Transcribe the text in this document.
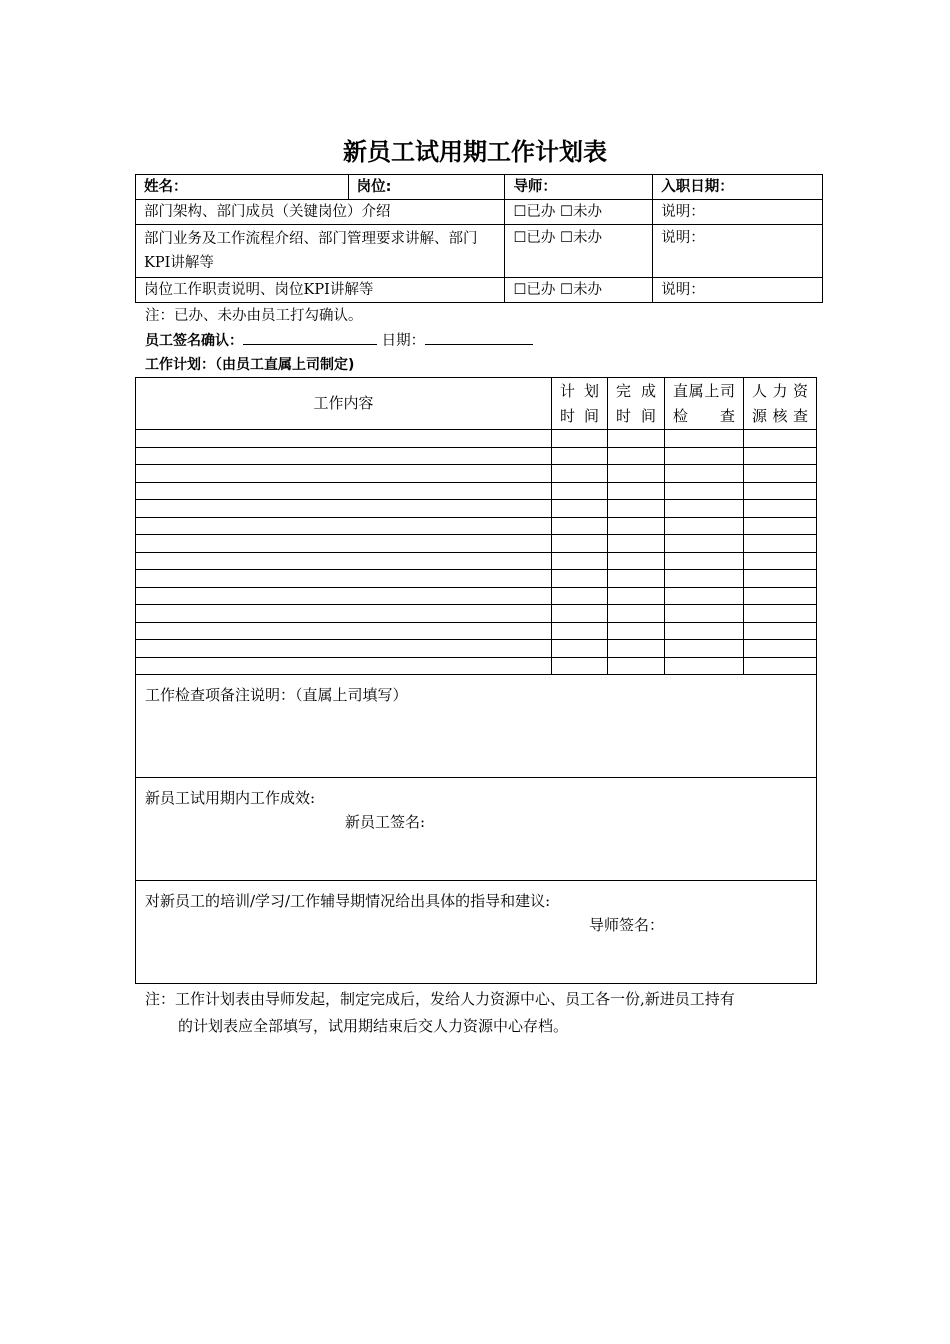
新员工试用期工作计划表
姓名：	岗位:	导师：	入职日期：
部门架构、部门成员（关键岗位）介绍		☐已办 ☐未办	说明：
部门业务及工作流程介绍、部门管理要求讲解、部门KPI讲解等		☐已办 ☐未办	说明：
岗位工作职责说明、岗位KPI讲解等		☐已办 ☐未办	说明：
注：已办、未办由员工打勾确认。
员工签名确认：	日期：
工作计划：（由员工直属上司制定)
工作内容	计划时间	完成时间	直属上司检查	人力资源核查

工作检查项备注说明：（直属上司填写）				

新员工试用期内工作成效:
新员工签名:				

对新员工的培训/学习/工作辅导期情况给出具体的指导和建议:
导师签名：				
注：工作计划表由导师发起，制定完成后，发给人力资源中心、员工各一份,新进员工持有
的计划表应全部填写，试用期结束后交人力资源中心存档。
